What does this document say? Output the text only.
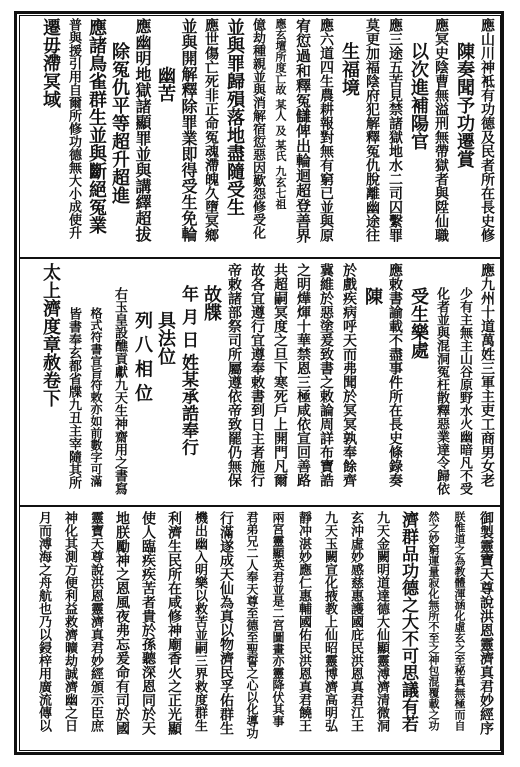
應山川神袛有功德及民者所在長史修
陳奏聞予功遷賞
應冥史陰曹無溢刑無帶獄者與陞仙職
以次進補陽官
應三途五苦見禁諸獄地水二司囚繫罪
莫更加福陰府犯解釋冤仇脫離幽途往
生福境
應六道四生農耕報對無有窮已並與原
宥愆過和釋冤讎俾出輪迴超登善界
應玄壇所度亡故 某人 及 某氏 九玄七祖
億劫種親並與消解宿愆惡因歎怨修受化
並與罪歸殞落地盡隨受生
應世傷亡死非正命冤魂滯魄久墮冥鄉
並與開解釋除罪業即得受生免輪
幽苦
應幽明地獄諸顯罪並與講繹超拔
除冤仇平等超升超進
應諸鳥雀群生並與斷絕冤業
普與援引用自爾所修功德無大小成使升
遷毋滯冥域
應九州十道萬姓三軍主吏工商男女老
少有主無主山谷原野水火幽暗凡不受
化者並與混洞冤枉散釋惡業達令歸依
受生樂處
應敕書諭載不盡事件所在長史條錄奏
陳
於戲疾病呼天而弗聞於冥冥孰奉餘齊
冀維於惡塗爰致書之敕論周詳布寶誥
之明燁煇十華禁恩三極咸依宣回善路
共超嗣冥度之旦下寒死戶上開門凡爾
故各宜遵行宜遵奉敕書到日主者施行
帝敕諸部祭司所屬遵依帝致罷仍無保
故牒
年 月 日 姓某承誥奉行
具法位
列 八 相 位
右玉皇設醮貢獻九天生神齋用之書寫
格式符書宣旨符敕亦如前數字可滿
皆書奉玄都省牒九丑主宰隨其所
太上濟度章赦卷下
御製靈寶天尊說洪恩靈濟真君妙經序
朕惟道之為教體渾涵化虛玄之至秘真無極而自
然之妙窮運量寂化無所不至之神包混覆載之功
濟群品功德之大不可思議有若
九天金闕明道達德大仙顯靈溥濟清微洞
玄沖虛妙感慈惠護國庇民洪恩真君江王
九天玉闕宣化掖教上仙昭靈博濟高明弘
靜冲湛妙應仁惠輔國佑民洪恩真君饒王
兩宮靈顯英君並是二宮圖畫亦靈降伏其事
君弟兄二人奉天尊至德至聖誓之心以化導功
行滿遂成天仙為真以物濟民孚佑群生
機出幽入明樂以救苦並嗣三界救度群生
利濟生民所在咸修神廟香火之正光顯
使人臨疾疾苦者貴於孫聽深恩同於天
地朕勵神之恩風夜弗忘爰命有司於國
靈寶天尊說洪恩靈濟真君妙經頒示臣庶
神化其測方便利益救濟曠劫誠濟幽之日
月而溥海之舟航也乃以鋟梓用廣流傳以
